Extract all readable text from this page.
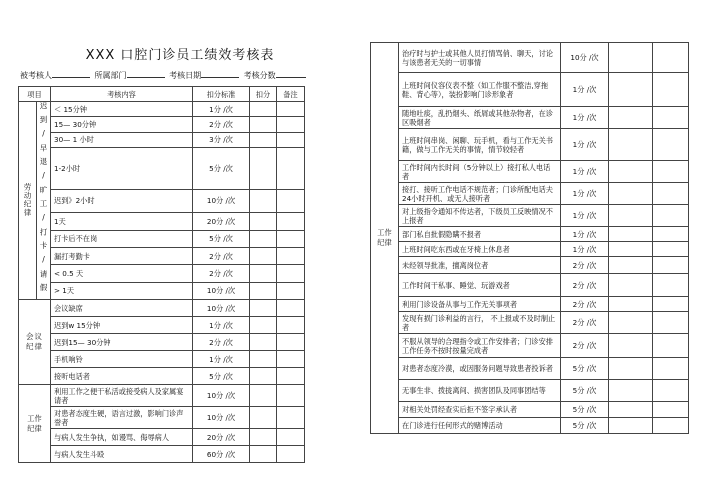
XXX 口腔门诊员工绩效考核表
被考核人	所属部门	考核日期	考核分数
项目		考核内容	扣分标准	扣分	备注
劳动纪律	迟到/早退/旷工/打卡/请假	＜ 15分钟	1分 /次		
		15— 30分钟	2分 /次		
		30— 1 小时	3分 /次		
		1-2小时	5分 /次		
		迟到》2小时	10分 /次		
		1天	20分 /次		
		打卡后不在岗	5分 /次		
		漏打考勤卡	2分 /次		
		< 0.5 天	2分 /次		
		> 1天	10分 /次		
会议纪律		会议缺席	10分 /次		
		迟到w 15分钟	1分 /次		
		迟到15— 30分钟	2分 /次		
		手机响铃	1分 /次		
		接听电话者	5分 /次		
工作纪律		利用工作之便干私活或接受病人及家属宴请者	10分 /次		
		对患者态度生硬，语言过激，影响门诊声誉者	10分 /次		
		与病人发生争执，如谩骂、侮辱病人	20分 /次		
		与病人发生斗殴	60分 /次		
工作纪律	治疗时与护士或其他人员打情骂俏、聊天，讨论与该患者无关的一切事情	10分 /次		
	上班时间仪容仪表不整（如工作服不整洁,穿拖鞋、背心等），装扮影响门诊形象者	1分 /次		
	随地吐痰，乱扔烟头、纸屑或其他杂物者，在诊区吸烟者	1分 /次		
	上班时间串岗、闲聊、玩手机，看与工作无关书籍，做与工作无关的事情，情节较轻者	1分 /次		
	工作时间内长时间（5分钟以上）接打私人电话者	1分 /次		
	接打、接听工作电话不规范者；门诊所配电话夫24小时开机、或无人接听者	1分 /次		
	对上级指令通知不传达者，下级员工反映情况不上报者	1分 /次		
	部门私自批假隐瞒不报者	1分 /次		
	上班时间吃东西或在牙椅上休息者	1分 /次		
	未经领导批准，擅离岗位者	2分 /次		
	工作时间干私事、睡觉、玩游戏者	2分 /次		
	利用门诊设备从事与工作无关事项者	2分 /次		
	发现有损门诊利益的言行， 不上报或不及时制止者	2分 /次		
	不服从领导的合理指令或工作安排者；门诊安排工作任务不按时按量完成者	2分 /次		
	对患者态度冷漠，或因服务问题导致患者投诉者	5分 /次		
	无事生非、拨拢离间、损害团队及同事团结等	5分 /次		
	对相关处罚经查实后拒不签字承认者	5分 /次		
	在门诊进行任何形式的赌博活动	5分 /次		
